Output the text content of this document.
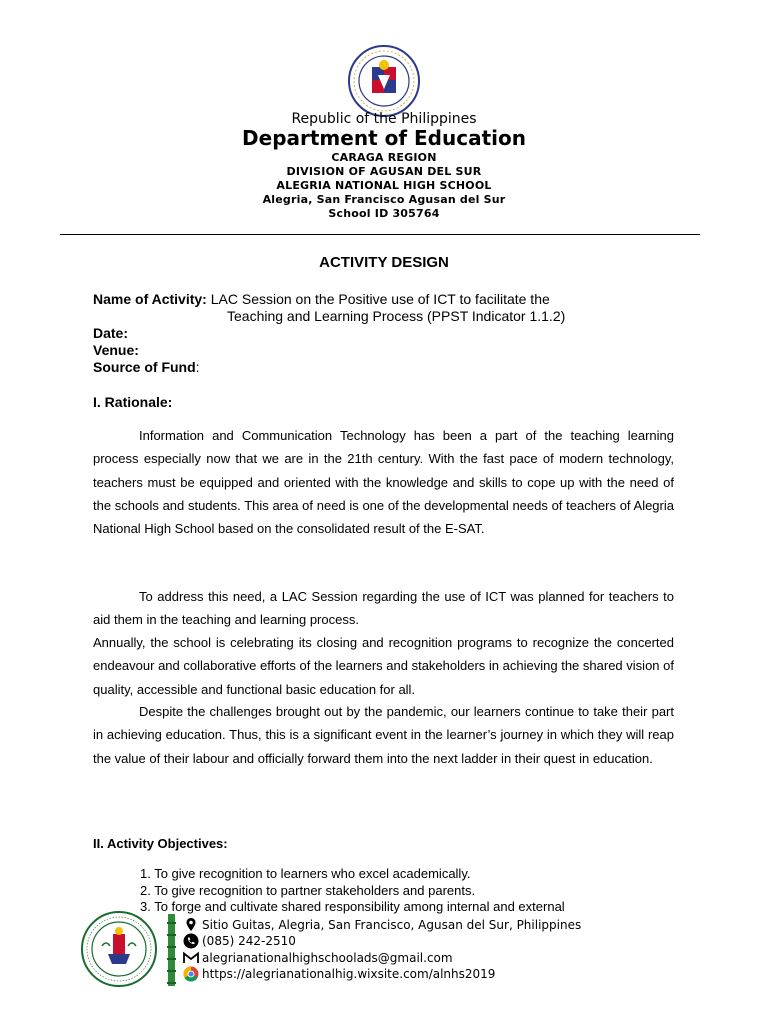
Republic of the Philippines
Department of Education
CARAGA REGION
DIVISION OF AGUSAN DEL SUR
ALEGRIA NATIONAL HIGH SCHOOL
Alegria, San Francisco Agusan del Sur
School ID 305764
ACTIVITY DESIGN
Name of Activity: LAC Session on the Positive use of ICT to facilitate the
Teaching and Learning Process (PPST Indicator 1.1.2)
Date:
Venue:
Source of Fund:
I. Rationale:

Information and Communication Technology has been a part of the teaching learning process especially now that we are in the 21th century. With the fast pace of modern technology, teachers must be equipped and oriented with the knowledge and skills to cope up with the need of the schools and students. This area of need is one of the developmental needs of teachers of Alegria National High School based on the consolidated result of the E-SAT.

To address this need, a LAC Session regarding the use of ICT was planned for teachers to aid them in the teaching and learning process.

Annually, the school is celebrating its closing and recognition programs to recognize the concerted endeavour and collaborative efforts of the learners and stakeholders in achieving the shared vision of quality, accessible and functional basic education for all.

Despite the challenges brought out by the pandemic, our learners continue to take their part in achieving education. Thus, this is a significant event in the learner’s journey in which they will reap the value of their labour and officially forward them into the next ladder in their quest in education.

II. Activity Objectives:
1. To give recognition to learners who excel academically.
2. To give recognition to partner stakeholders and parents.
3. To forge and cultivate shared responsibility among internal and external
Sitio Guitas, Alegria, San Francisco, Agusan del Sur, Philippines
(085) 242-2510
alegrianationalhighschoolads@gmail.com
https://alegrianationalhig.wixsite.com/alnhs2019
